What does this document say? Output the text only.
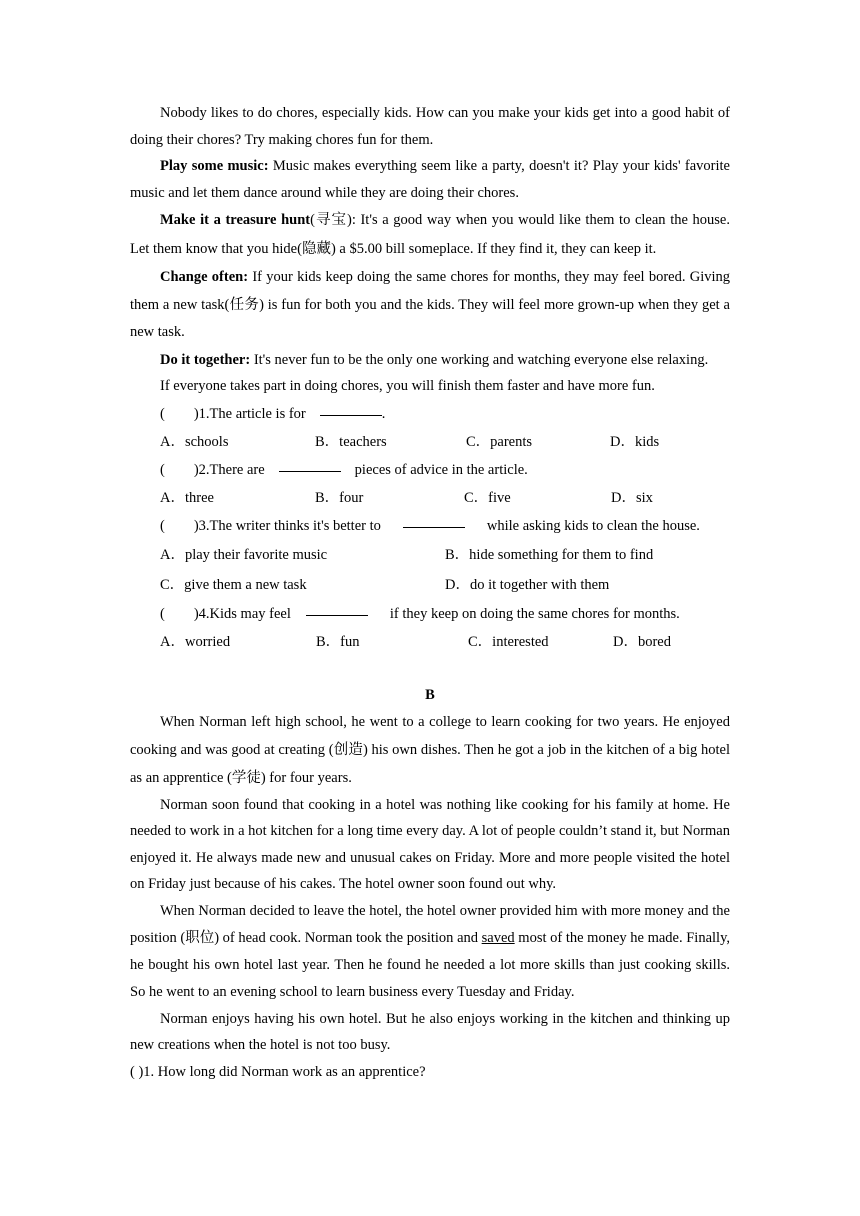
Nobody likes to do chores, especially kids. How can you make your kids get into a good habit of doing their chores? Try making chores fun for them.

Play some music: Music makes everything seem like a party, doesn't it? Play your kids' favorite music and let them dance around while they are doing their chores.

Make it a treasure hunt(寻宝): It's a good way when you would like them to clean the house. Let them know that you hide(隐藏) a $5.00 bill someplace. If they find it, they can keep it.

Change often: If your kids keep doing the same chores for months, they may feel bored. Giving them a new task(任务) is fun for both you and the kids. They will feel more grown-up when they get a new task.

Do it together: It's never fun to be the only one working and watching everyone else relaxing.

If everyone takes part in doing chores, you will finish them faster and have more fun.

(        )1.The article is for	.
A．schools	B．teachers	C．parents	D．kids
(        )2.There are	pieces of advice in the article.
A．three	B．four	C．five	D．six
(        )3.The writer thinks it's better to	while asking kids to clean the house.
A．play their favorite music	B．hide something for them to find
C．give them a new task	D．do it together with them
(        )4.Kids may feel	if they keep on doing the same chores for months.
A．worried	B．fun	C．interested	D．bored
B

When Norman left high school, he went to a college to learn cooking for two years. He enjoyed cooking and was good at creating (创造) his own dishes. Then he got a job in the kitchen of a big hotel as an apprentice (学徒) for four years.

Norman soon found that cooking in a hotel was nothing like cooking for his family at home. He needed to work in a hot kitchen for a long time every day. A lot of people couldn’t stand it, but Norman enjoyed it. He always made new and unusual cakes on Friday. More and more people visited the hotel on Friday just because of his cakes. The hotel owner soon found out why.

When Norman decided to leave the hotel, the hotel owner provided him with more money and the position (职位) of head cook. Norman took the position and saved most of the money he made. Finally, he bought his own hotel last year. Then he found he needed a lot more skills than just cooking skills. So he went to an evening school to learn business every Tuesday and Friday.

Norman enjoys having his own hotel. But he also enjoys working in the kitchen and thinking up new creations when the hotel is not too busy.

( )1. How long did Norman work as an apprentice?
